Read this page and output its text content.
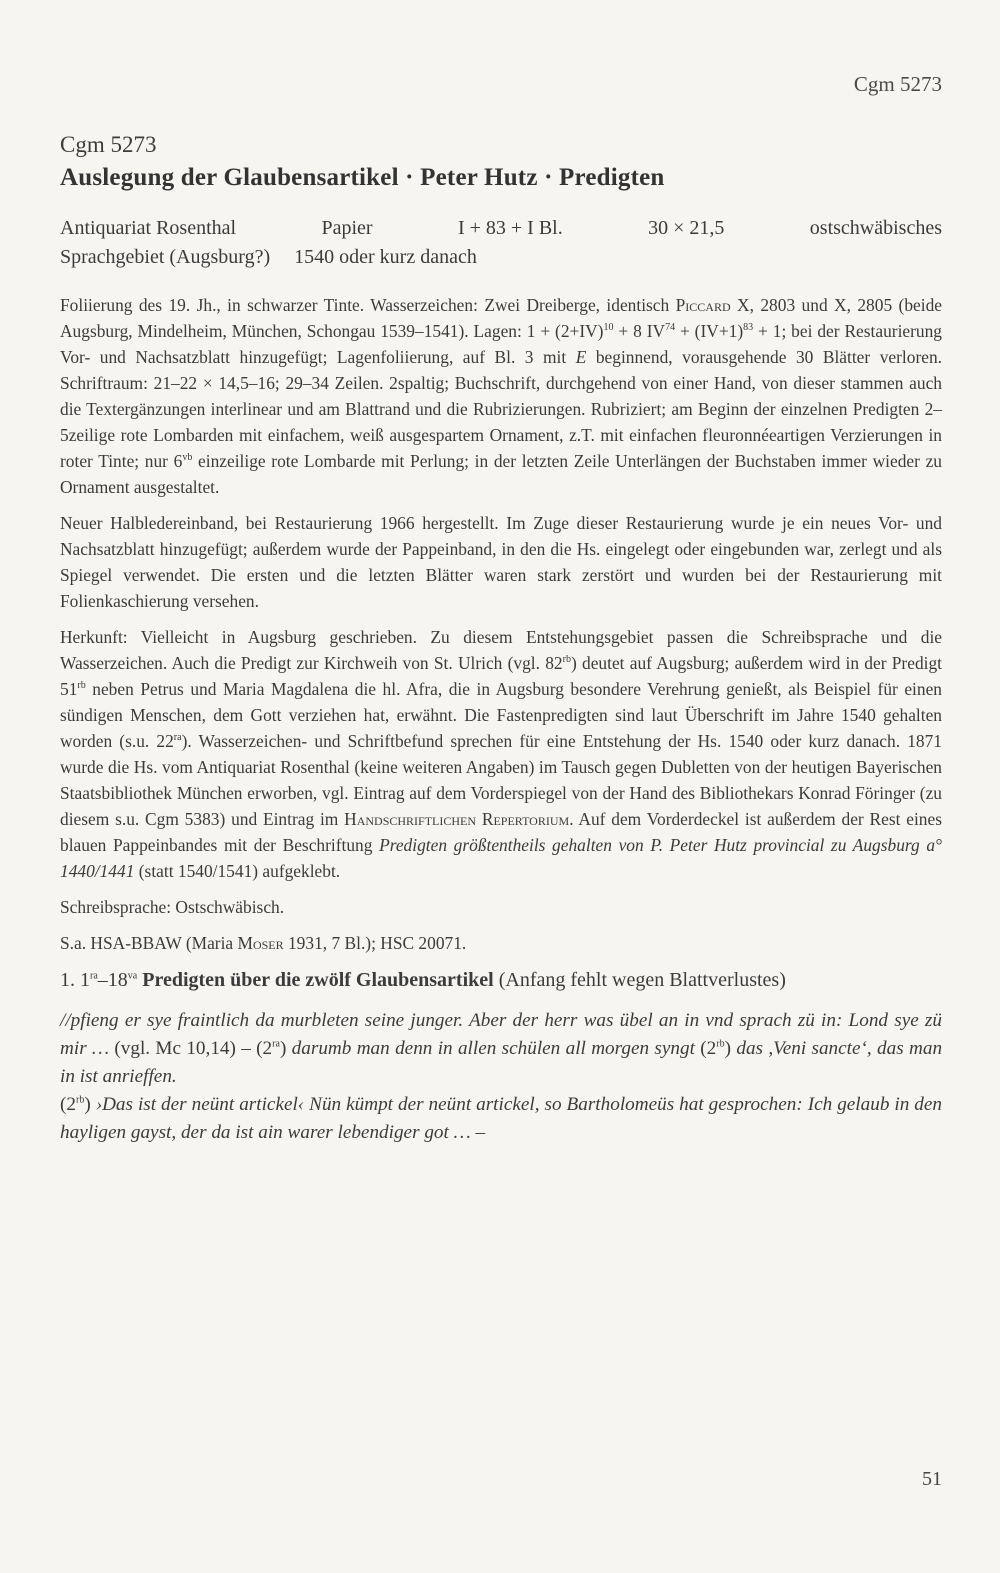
Cgm 5273
Cgm 5273
Auslegung der Glaubensartikel · Peter Hutz · Predigten
Antiquariat Rosenthal	Papier	I + 83 + I Bl.	30 × 21,5	ostschwäbisches
Sprachgebiet (Augsburg?) 1540 oder kurz danach

Foliierung des 19. Jh., in schwarzer Tinte. Wasserzeichen: Zwei Dreiberge, identisch Piccard X, 2803 und X, 2805 (beide Augsburg, Mindelheim, München, Schongau 1539–1541). Lagen: $1 + (2+IV)^{10} + 8$ $IV^{74} + (IV+1)^{83} + 1$; bei der Restaurierung Vor- und Nachsatzblatt hinzugefügt; Lagenfoliierung, auf Bl. 3 mit E beginnend, vorausgehende 30 Blätter verloren. Schriftraum: 21–22 × 14,5–16; 29–34 Zeilen. 2spaltig; Buchschrift, durchgehend von einer Hand, von dieser stammen auch die Textergänzungen interlinear und am Blattrand und die Rubrizierungen. Rubriziert; am Beginn der einzelnen Predigten 2–5zeilige rote Lombarden mit einfachem, weiß ausgespartem Ornament, z.T. mit einfachen fleuronnéeartigen Verzierungen in roter Tinte; nur $6^{vb}$ einzeilige rote Lombarde mit Perlung; in der letzten Zeile Unterlängen der Buchstaben immer wieder zu Ornament ausgestaltet.

Neuer Halbledereinband, bei Restaurierung 1966 hergestellt. Im Zuge dieser Restaurierung wurde je ein neues Vor- und Nachsatzblatt hinzugefügt; außerdem wurde der Pappeinband, in den die Hs. eingelegt oder eingebunden war, zerlegt und als Spiegel verwendet. Die ersten und die letzten Blätter waren stark zerstört und wurden bei der Restaurierung mit Folienkaschierung versehen.

Herkunft: Vielleicht in Augsburg geschrieben. Zu diesem Entstehungsgebiet passen die Schreibsprache und die Wasserzeichen. Auch die Predigt zur Kirchweih von St. Ulrich (vgl. $82^{rb}$) deutet auf Augsburg; außerdem wird in der Predigt $51^{rb}$ neben Petrus und Maria Magdalena die hl. Afra, die in Augsburg besondere Verehrung genießt, als Beispiel für einen sündigen Menschen, dem Gott verziehen hat, erwähnt. Die Fastenpredigten sind laut Überschrift im Jahre 1540 gehalten worden (s.u. $22^{ra}$). Wasserzeichen- und Schriftbefund sprechen für eine Entstehung der Hs. 1540 oder kurz danach. 1871 wurde die Hs. vom Antiquariat Rosenthal (keine weiteren Angaben) im Tausch gegen Dubletten von der heutigen Bayerischen Staatsbibliothek München erworben, vgl. Eintrag auf dem Vorderspiegel von der Hand des Bibliothekars Konrad Föringer (zu diesem s.u. Cgm 5383) und Eintrag im Handschriftlichen Repertorium. Auf dem Vorderdeckel ist außerdem der Rest eines blauen Pappeinbandes mit der Beschriftung Predigten größtentheils gehalten von P. Peter Hutz provincial zu Augsburg a° 1440/1441 (statt 1540/1541) aufgeklebt.

Schreibsprache: Ostschwäbisch.

S.a. HSA-BBAW (Maria Moser 1931, 7 Bl.); HSC 20071.

1. $1^{ra}-18^{va}$ Predigten über die zwölf Glaubensartikel (Anfang fehlt wegen Blattverlustes)

//pfieng er sye fraintlich da murbleten seine junger. Aber der herr was übel an in vnd sprach zü in: Lond sye zü mir … (vgl. Mc $10,14) - (2^{ra})$ darumb man denn in allen schülen all morgen syngt $(2^{rb})$ das ,Veni sancte‘, das man in ist anrieffen.
$(2^{rb})$ ›Das ist der neünt artickel‹ Nün kümpt der neünt artickel, so Bartholomeüs hat gesprochen: Ich gelaub in den hayligen gayst, der da ist ain warer lebendiger got … –

51
